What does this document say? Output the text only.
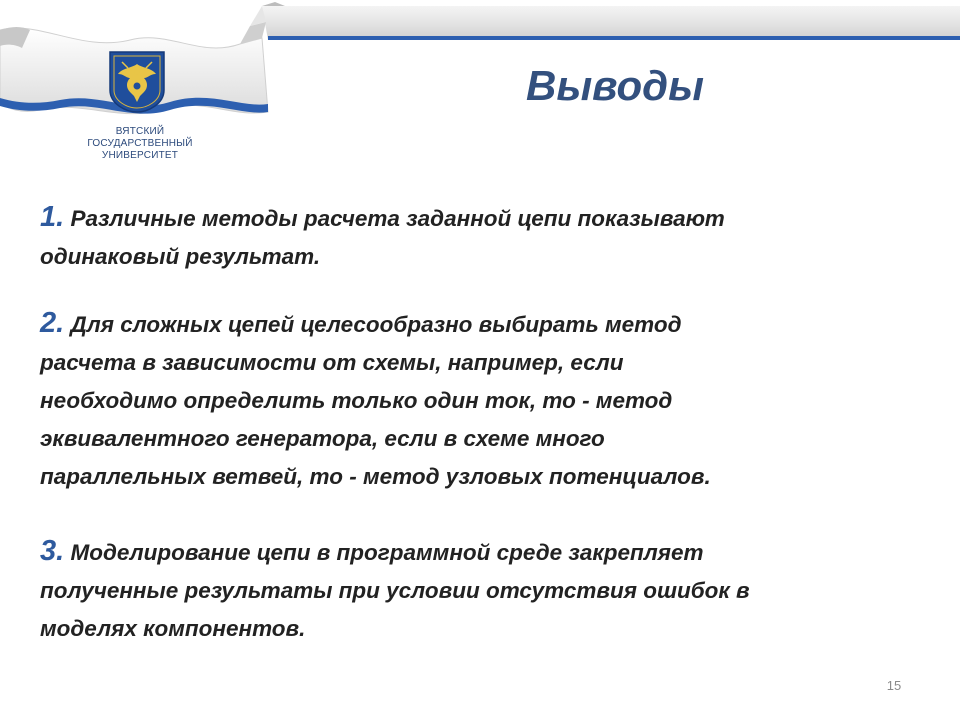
ВЯТСКИЙ
ГОСУДАРСТВЕННЫЙ
УНИВЕРСИТЕТ
Выводы
1. Различные методы расчета заданной цепи показывают
одинаковый результат.
2. Для сложных цепей целесообразно выбирать метод
расчета в зависимости от схемы, например, если
необходимо определить только один ток, то - метод
эквивалентного генератора, если в схеме много
параллельных ветвей, то - метод узловых потенциалов.
3. Моделирование цепи в программной среде закрепляет
полученные результаты при условии отсутствия ошибок в
моделях компонентов.
15
